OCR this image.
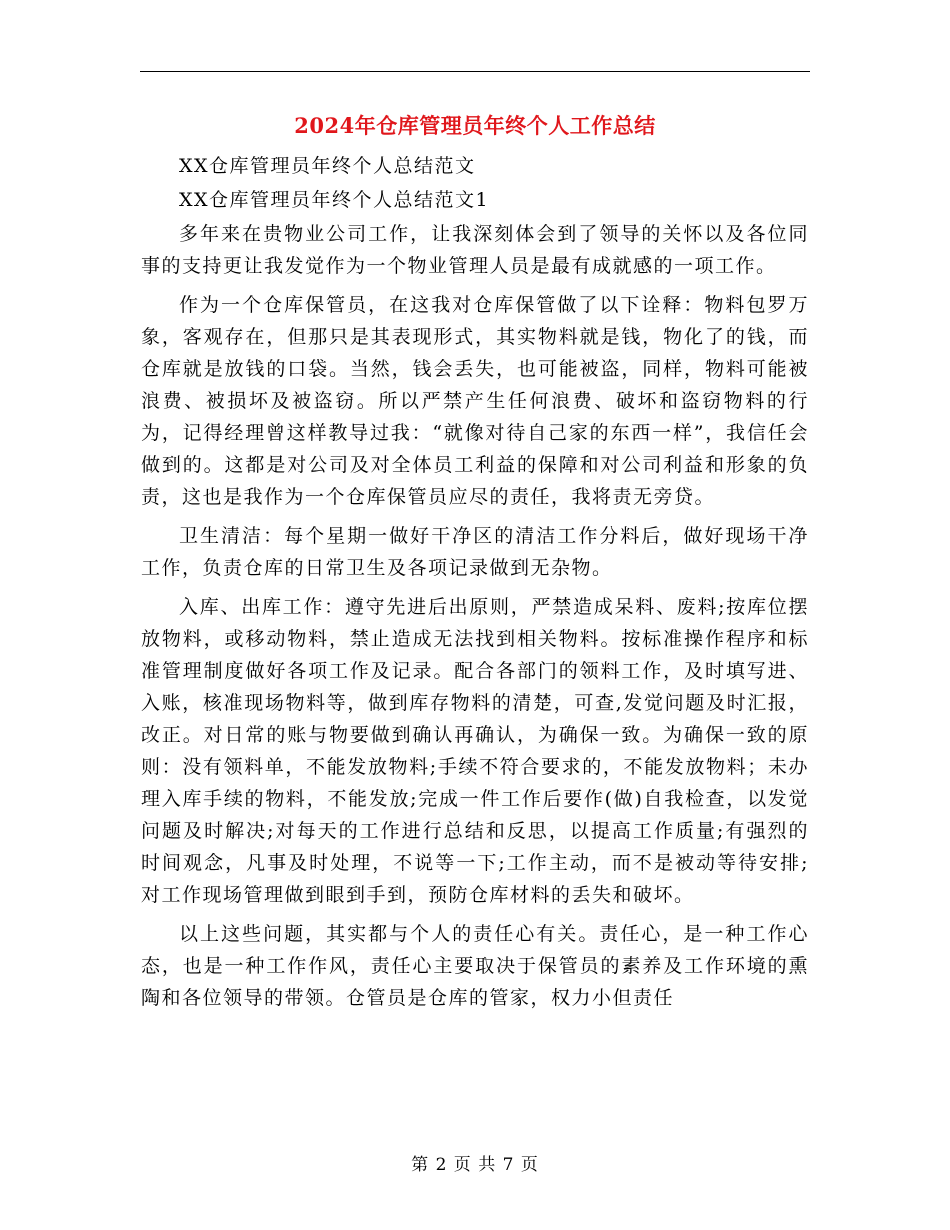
2024年仓库管理员年终个人工作总结

XX仓库管理员年终个人总结范文

XX仓库管理员年终个人总结范文1

多年来在贵物业公司工作，让我深刻体会到了领导的关怀以及各位同事的支持更让我发觉作为一个物业管理人员是最有成就感的一项工作。

作为一个仓库保管员，在这我对仓库保管做了以下诠释：物料包罗万象，客观存在，但那只是其表现形式，其实物料就是钱，物化了的钱，而仓库就是放钱的口袋。当然，钱会丢失，也可能被盗，同样，物料可能被浪费、被损坏及被盗窃。所以严禁产生任何浪费、破坏和盗窃物料的行为，记得经理曾这样教导过我：“就像对待自己家的东西一样”，我信任会做到的。这都是对公司及对全体员工利益的保障和对公司利益和形象的负责，这也是我作为一个仓库保管员应尽的责任，我将责无旁贷。

卫生清洁：每个星期一做好干净区的清洁工作分料后，做好现场干净工作，负责仓库的日常卫生及各项记录做到无杂物。

入库、出库工作：遵守先进后出原则，严禁造成呆料、废料;按库位摆放物料，或移动物料，禁止造成无法找到相关物料。按标准操作程序和标准管理制度做好各项工作及记录。配合各部门的领料工作，及时填写进、入账，核准现场物料等，做到库存物料的清楚，可查,发觉问题及时汇报，改正。对日常的账与物要做到确认再确认，为确保一致。为确保一致的原则：没有领料单，不能发放物料;手续不符合要求的，不能发放物料；未办理入库手续的物料，不能发放;完成一件工作后要作(做)自我检查，以发觉问题及时解决;对每天的工作进行总结和反思，以提高工作质量;有强烈的时间观念，凡事及时处理，不说等一下;工作主动，而不是被动等待安排;对工作现场管理做到眼到手到，预防仓库材料的丢失和破坏。

以上这些问题，其实都与个人的责任心有关。责任心，是一种工作心态，也是一种工作作风，责任心主要取决于保管员的素养及工作环境的熏陶和各位领导的带领。仓管员是仓库的管家，权力小但责任

第 2 页 共 7 页
